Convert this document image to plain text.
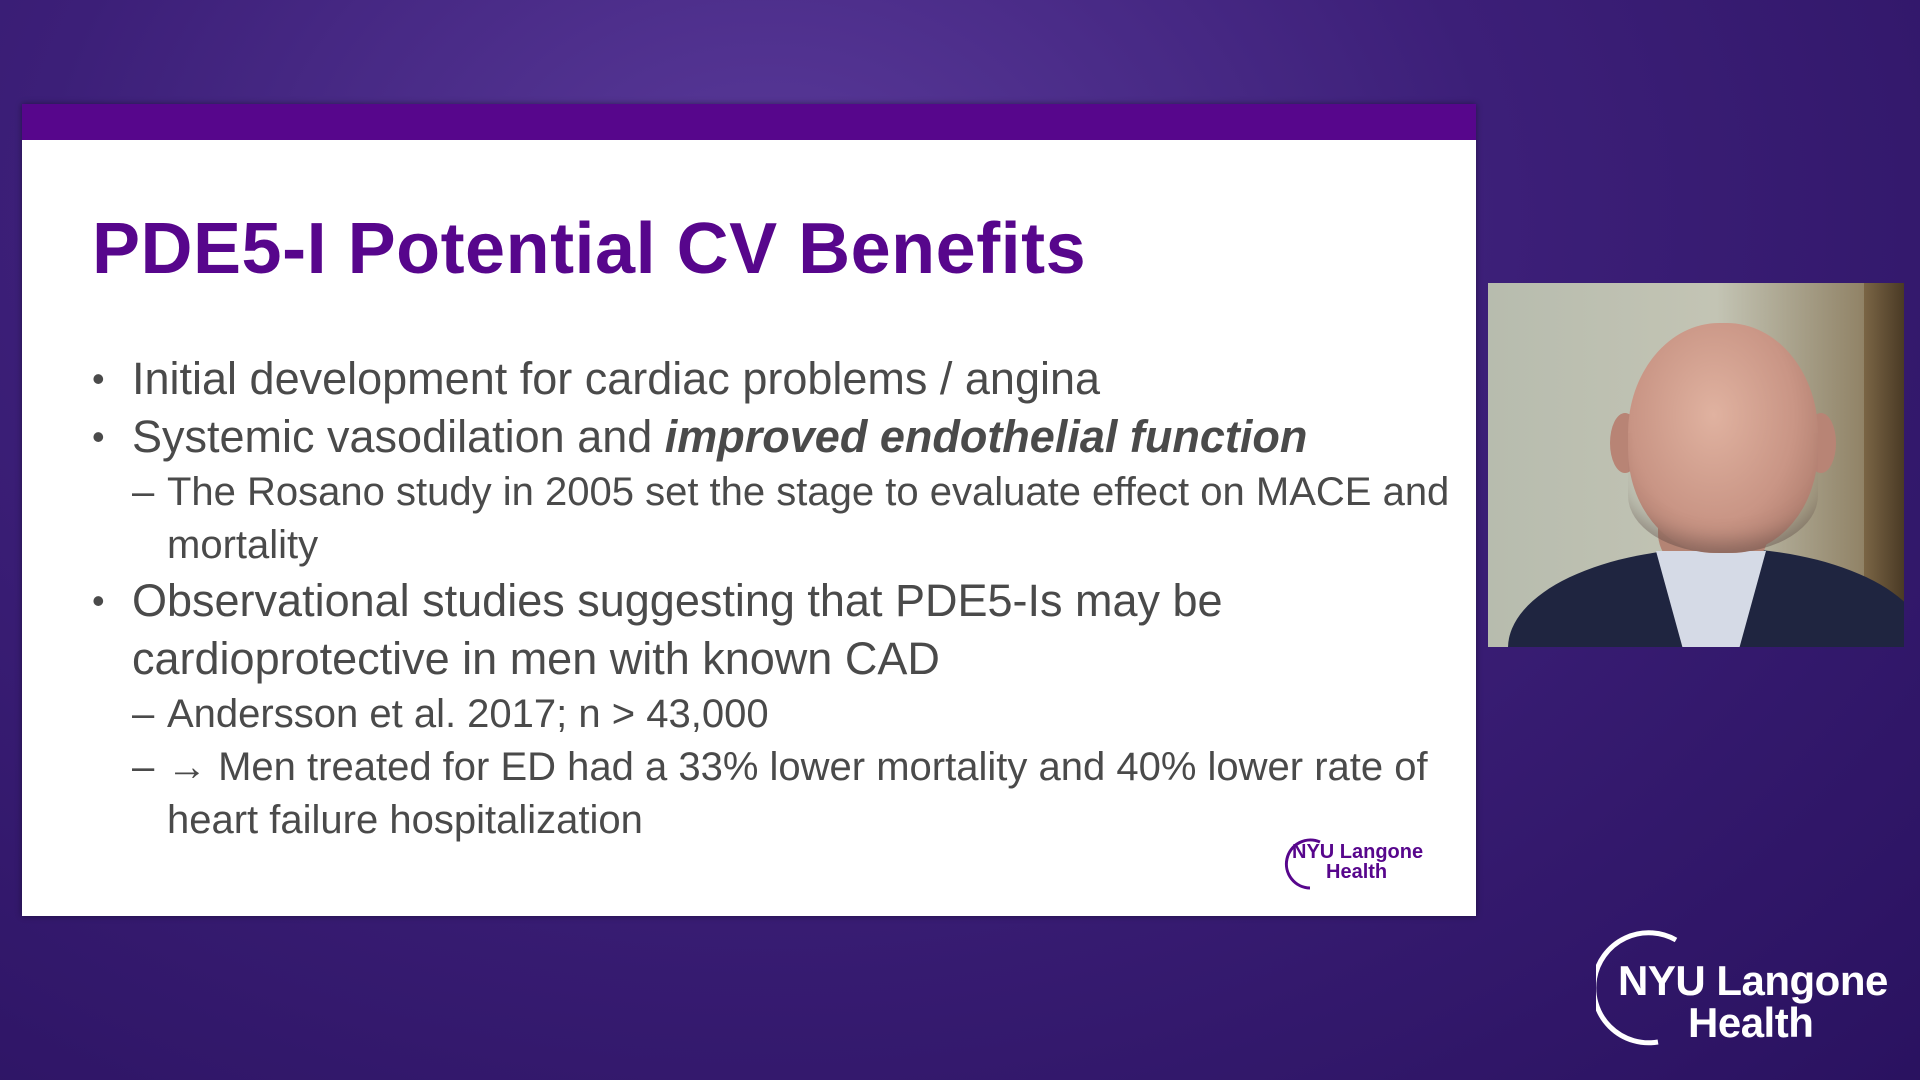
PDE5-I Potential CV Benefits
• Initial development for cardiac problems / angina
• Systemic vasodilation and improved endothelial function
– The Rosano study in 2005 set the stage to evaluate effect on MACE and mortality
• Observational studies suggesting that PDE5-Is may be cardioprotective in men with known CAD
– Andersson et al. 2017; n > 43,000
– → Men treated for ED had a 33% lower mortality and 40% lower rate of heart failure hospitalization
NYU Langone
Health
NYU Langone
Health
